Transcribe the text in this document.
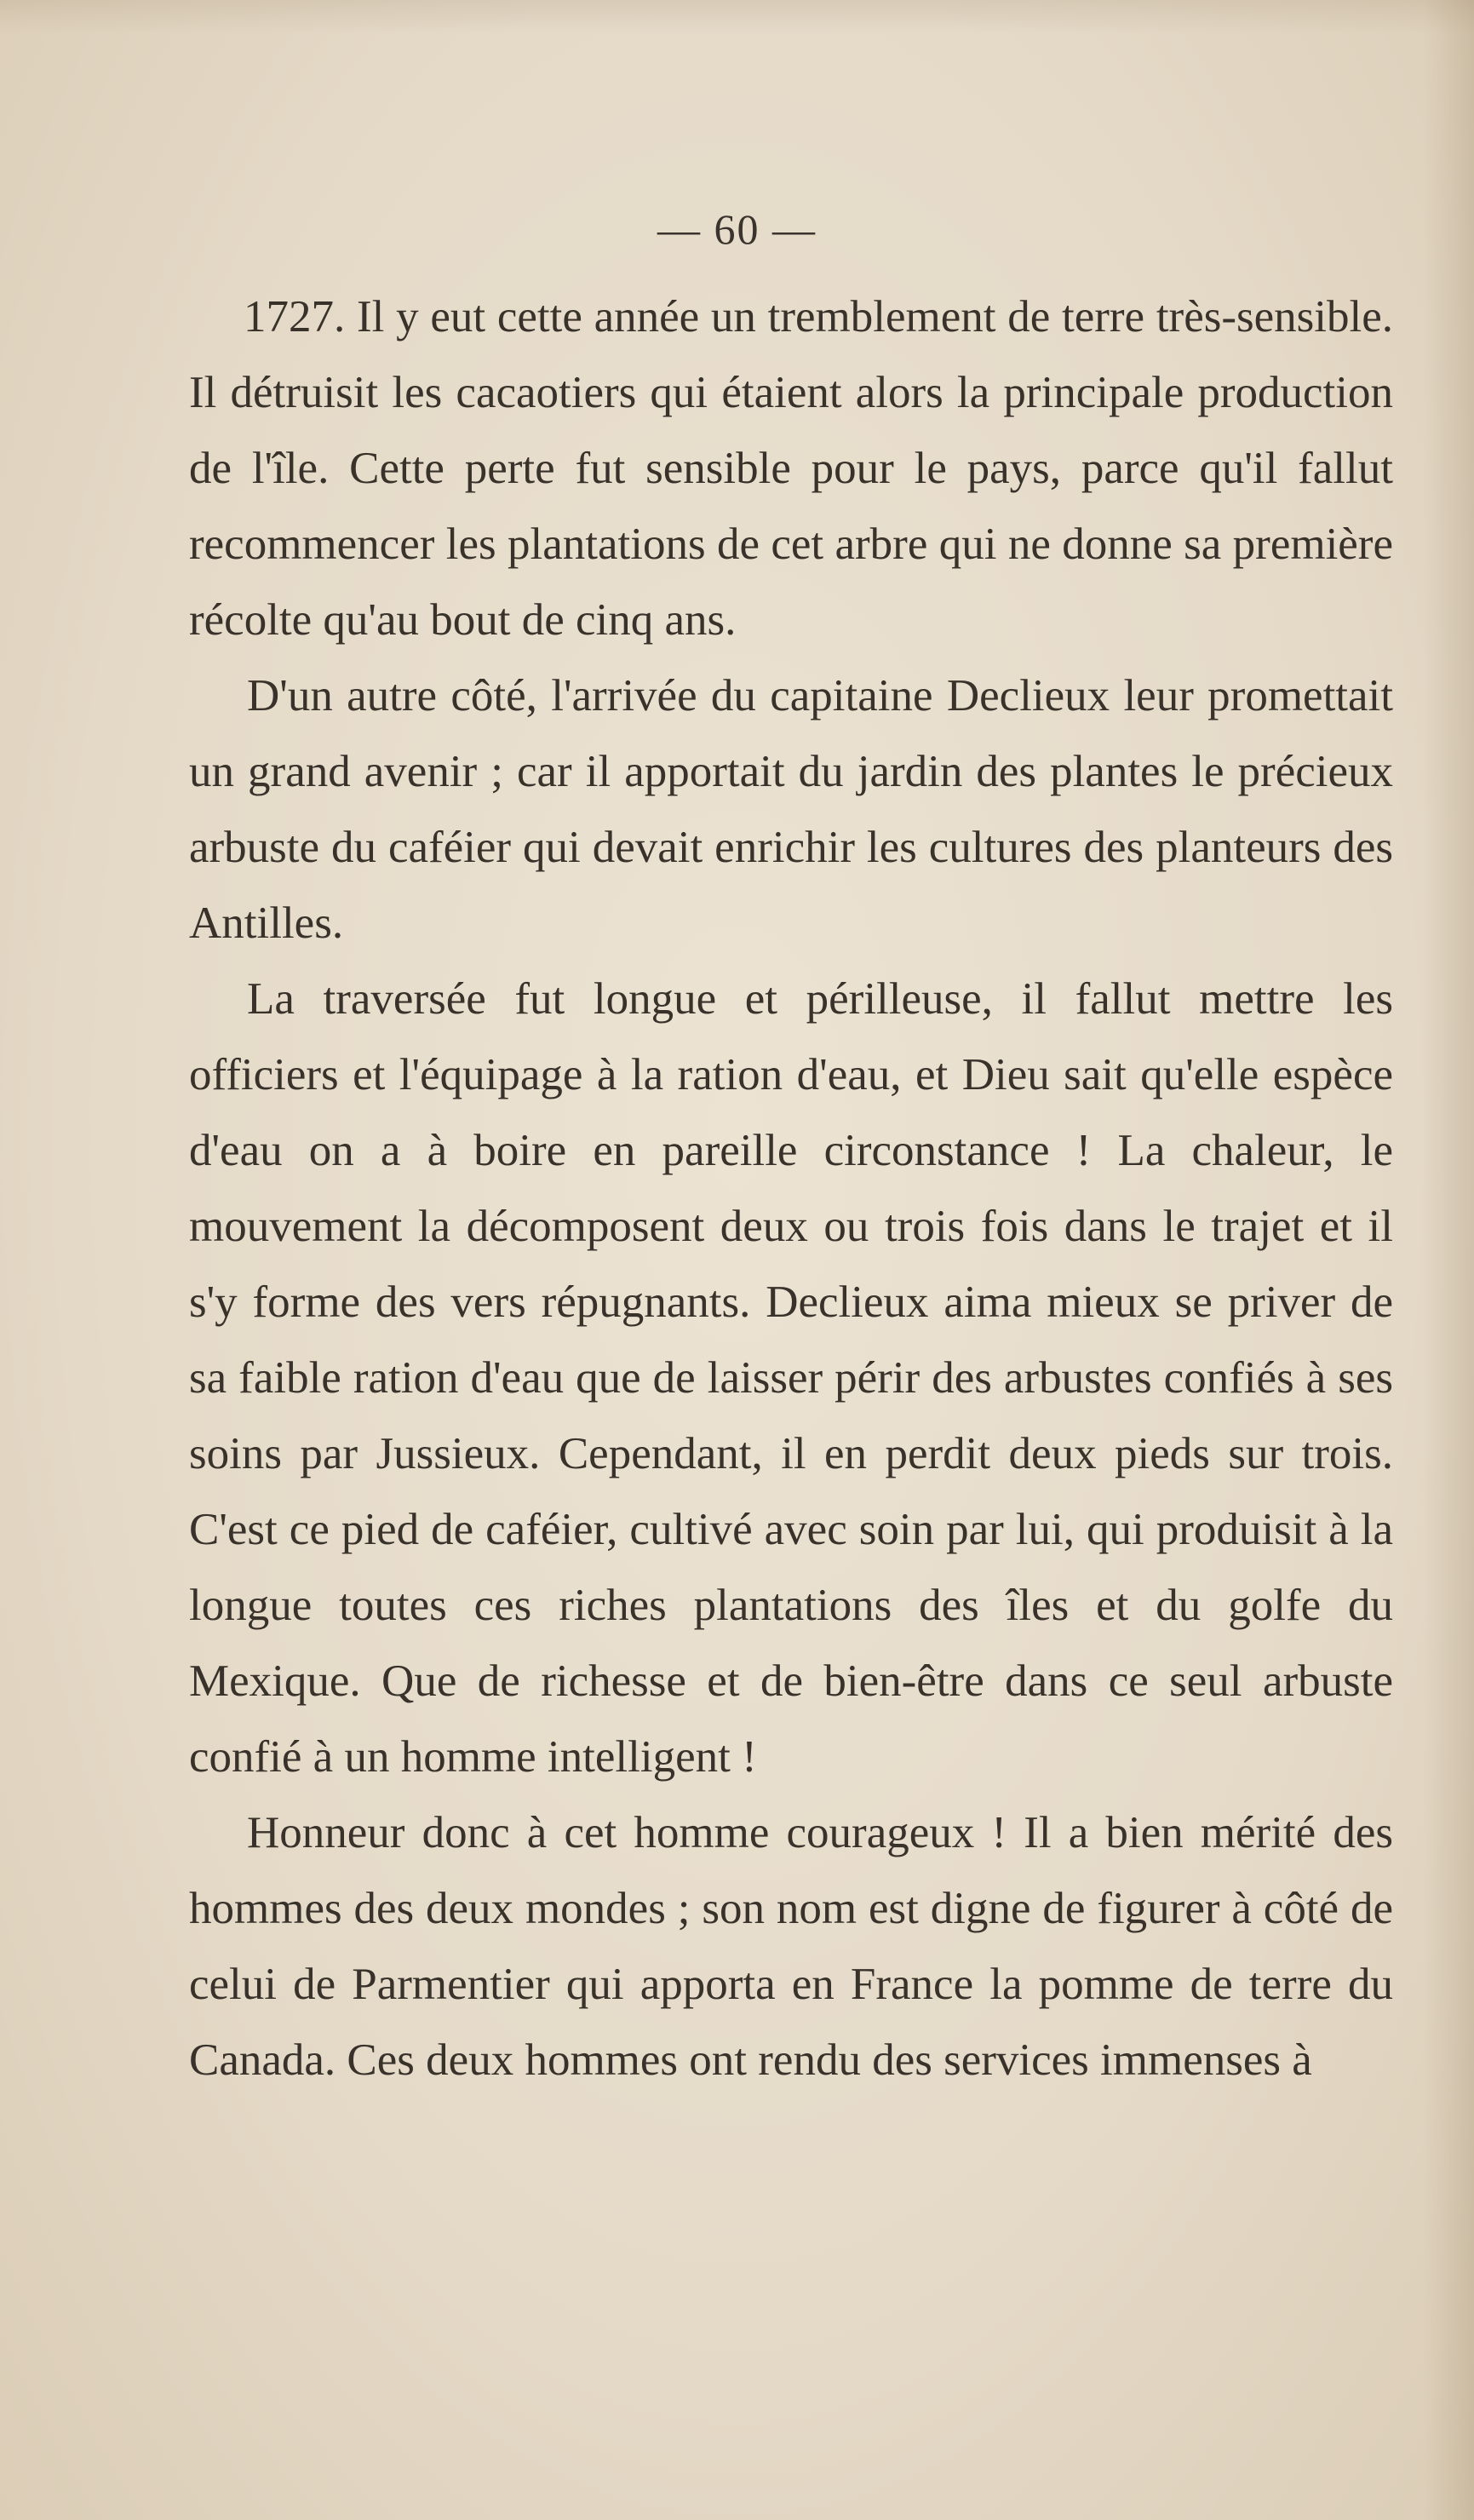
— 60 —

1727. Il y eut cette année un tremblement de terre très-sensible. Il détruisit les cacaotiers qui étaient alors la principale production de l'île. Cette perte fut sensible pour le pays, parce qu'il fallut recommencer les plantations de cet arbre qui ne donne sa première récolte qu'au bout de cinq ans.

D'un autre côté, l'arrivée du capitaine Declieux leur promettait un grand avenir ; car il apportait du jardin des plantes le précieux arbuste du caféier qui devait enrichir les cultures des planteurs des Antilles.

La traversée fut longue et périlleuse, il fallut mettre les officiers et l'équipage à la ration d'eau, et Dieu sait qu'elle espèce d'eau on a à boire en pareille circonstance ! La chaleur, le mouvement la décomposent deux ou trois fois dans le trajet et il s'y forme des vers répugnants. Declieux aima mieux se priver de sa faible ration d'eau que de laisser périr des arbustes confiés à ses soins par Jussieux. Cependant, il en perdit deux pieds sur trois. C'est ce pied de caféier, cultivé avec soin par lui, qui produisit à la longue toutes ces riches plantations des îles et du golfe du Mexique. Que de richesse et de bien-être dans ce seul arbuste confié à un homme intelligent !

Honneur donc à cet homme courageux ! Il a bien mérité des hommes des deux mondes ; son nom est digne de figurer à côté de celui de Parmentier qui apporta en France la pomme de terre du Canada. Ces deux hommes ont rendu des services immenses à
